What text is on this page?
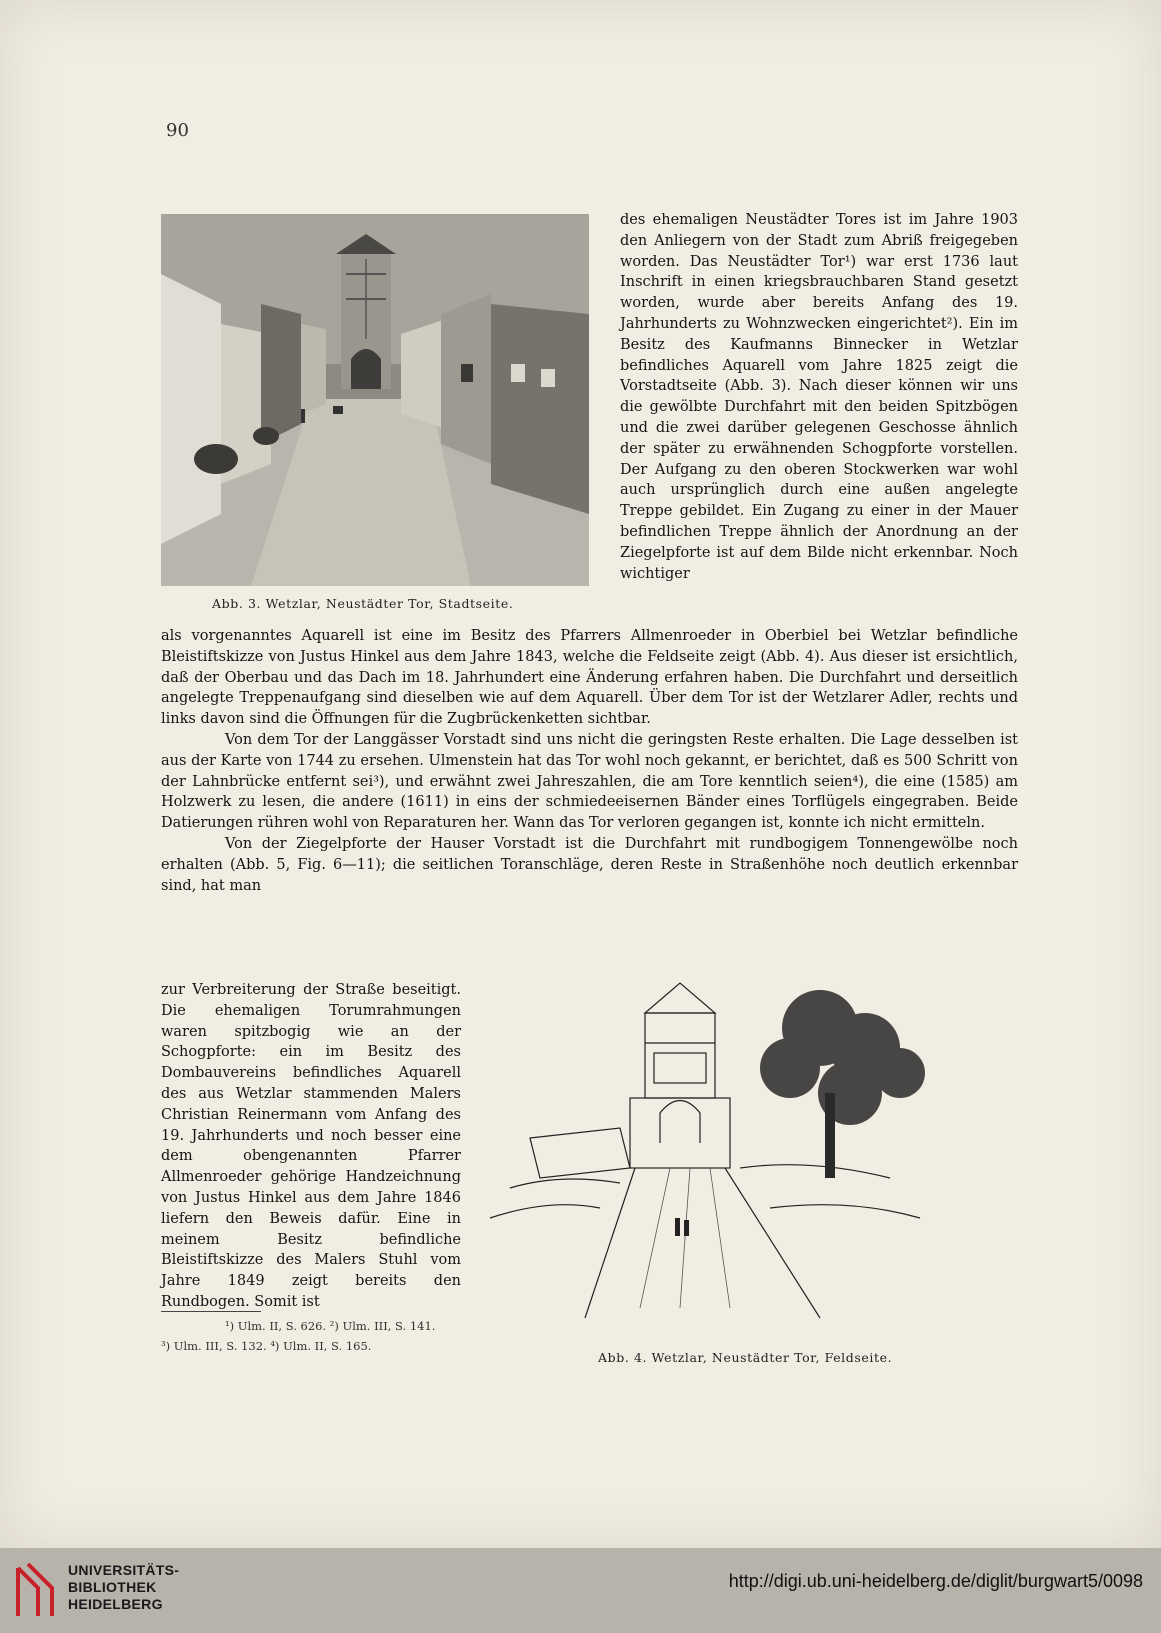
90
Abb. 3. Wetzlar, Neustädter Tor, Stadtseite.
des ehemaligen Neustädter Tores ist im Jahre 1903 den Anliegern von der Stadt zum Abriß freigegeben worden. Das Neustädter Tor¹) war erst 1736 laut Inschrift in einen kriegsbrauchbaren Stand gesetzt worden, wurde aber bereits Anfang des 19. Jahrhunderts zu Wohnzwecken eingerichtet²). Ein im Besitz des Kaufmanns Binnecker in Wetzlar befindliches Aquarell vom Jahre 1825 zeigt die Vorstadtseite (Abb. 3). Nach dieser können wir uns die gewölbte Durchfahrt mit den beiden Spitzbögen und die zwei darüber gelegenen Geschosse ähnlich der später zu erwähnenden Schogpforte vorstellen. Der Aufgang zu den oberen Stockwerken war wohl auch ursprünglich durch eine außen angelegte Treppe gebildet. Ein Zugang zu einer in der Mauer befindlichen Treppe ähnlich der Anordnung an der Ziegelpforte ist auf dem Bilde nicht erkennbar. Noch wichtiger

als vorgenanntes Aquarell ist eine im Besitz des Pfarrers Allmenroeder in Oberbiel bei Wetzlar befindliche Bleistiftskizze von Justus Hinkel aus dem Jahre 1843, welche die Feldseite zeigt (Abb. 4). Aus dieser ist ersichtlich, daß der Oberbau und das Dach im 18. Jahrhundert eine Änderung erfahren haben. Die Durchfahrt und derseitlich angelegte Treppenaufgang sind dieselben wie auf dem Aquarell. Über dem Tor ist der Wetzlarer Adler, rechts und links davon sind die Öffnungen für die Zugbrückenketten sichtbar.

Von dem Tor der Langgässer Vorstadt sind uns nicht die geringsten Reste erhalten. Die Lage desselben ist aus der Karte von 1744 zu ersehen. Ulmenstein hat das Tor wohl noch gekannt, er berichtet, daß es 500 Schritt von der Lahnbrücke entfernt sei³), und erwähnt zwei Jahreszahlen, die am Tore kenntlich seien⁴), die eine (1585) am Holzwerk zu lesen, die andere (1611) in eins der schmiedeeisernen Bänder eines Torflügels eingegraben. Beide Datierungen rühren wohl von Reparaturen her. Wann das Tor verloren gegangen ist, konnte ich nicht ermitteln.

Von der Ziegelpforte der Hauser Vorstadt ist die Durchfahrt mit rundbogigem Tonnengewölbe noch erhalten (Abb. 5, Fig. 6—11); die seitlichen Toranschläge, deren Reste in Straßenhöhe noch deutlich erkennbar sind, hat man

zur Verbreiterung der Straße beseitigt. Die ehemaligen Torumrahmungen waren spitzbogig wie an der Schogpforte: ein im Besitz des Dombauvereins befindliches Aquarell des aus Wetzlar stammenden Malers Christian Reinermann vom Anfang des 19. Jahrhunderts und noch besser eine dem obengenannten Pfarrer Allmenroeder gehörige Handzeichnung von Justus Hinkel aus dem Jahre 1846 liefern den Beweis dafür. Eine in meinem Besitz befindliche Bleistiftskizze des Malers Stuhl vom Jahre 1849 zeigt bereits den Rundbogen. Somit ist
Abb. 4. Wetzlar, Neustädter Tor, Feldseite.
¹) Ulm. II, S. 626. ²) Ulm. III, S. 141.
³) Ulm. III, S. 132. ⁴) Ulm. II, S. 165.
UNIVERSITÄTS-
BIBLIOTHEK
HEIDELBERG
http://digi.ub.uni-heidelberg.de/diglit/burgwart5/0098
